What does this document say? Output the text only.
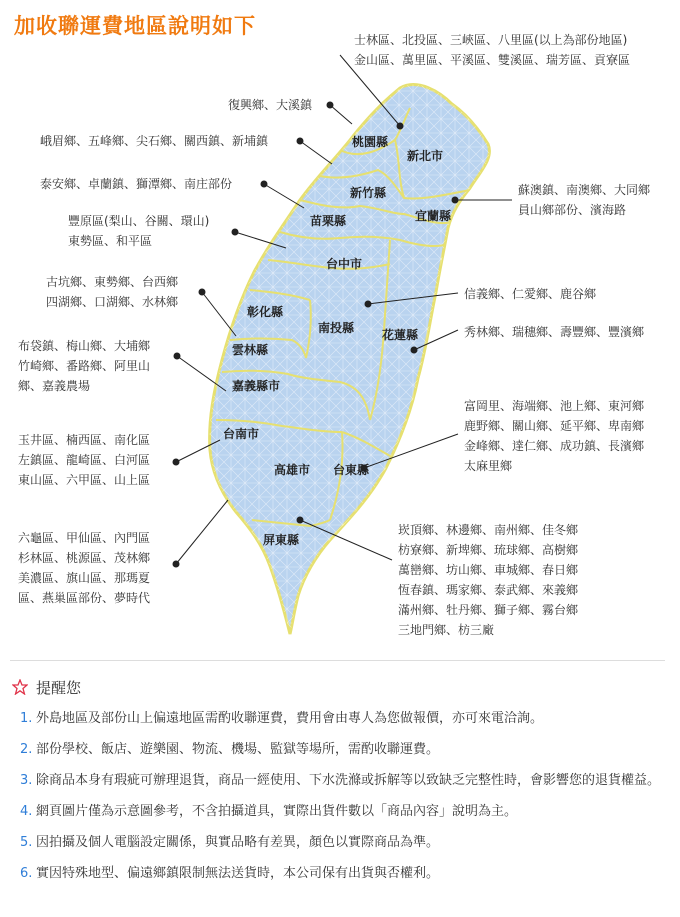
加收聯運費地區說明如下
桃園縣
新北市
新竹縣
苗栗縣	宜蘭縣
台中市
彰化縣
南投縣 花蓮縣
雲林縣
嘉義縣市
台南市
高雄市 台東縣
屏東縣
士林區、北投區、三峽區、八里區(以上為部份地區)
金山區、萬里區、平溪區、雙溪區、瑞芳區、貢寮區
復興鄉、大溪鎮
峨眉鄉、五峰鄉、尖石鄉、關西鎮、新埔鎮
泰安鄉、卓蘭鎮、獅潭鄉、南庄部份
豐原區(梨山、谷關、環山)
東勢區、和平區
古坑鄉、東勢鄉、台西鄉
四湖鄉、口湖鄉、水林鄉
布袋鎮、梅山鄉、大埔鄉
竹崎鄉、番路鄉、阿里山
鄉、嘉義農場
玉井區、楠西區、南化區
左鎮區、龍崎區、白河區
東山區、六甲區、山上區
六龜區、甲仙區、內門區
杉林區、桃源區、茂林鄉
美濃區、旗山區、那瑪夏
區、燕巢區部份、夢時代
蘇澳鎮、南澳鄉、大同鄉
員山鄉部份、濱海路
信義鄉、仁愛鄉、鹿谷鄉
秀林鄉、瑞穗鄉、壽豐鄉、豐濱鄉
富岡里、海端鄉、池上鄉、東河鄉
鹿野鄉、關山鄉、延平鄉、卑南鄉
金峰鄉、達仁鄉、成功鎮、長濱鄉
太麻里鄉
崁頂鄉、林邊鄉、南州鄉、佳冬鄉
枋寮鄉、新埤鄉、琉球鄉、高樹鄉
萬巒鄉、坊山鄉、車城鄉、春日鄉
恆春鎮、瑪家鄉、泰武鄉、來義鄉
滿州鄉、牡丹鄉、獅子鄉、霧台鄉
三地門鄉、枋三廠
提醒您
1. 外島地區及部份山上偏遠地區需酌收聯運費，費用會由專人為您做報價，亦可來電洽詢。
2. 部份學校、飯店、遊樂園、物流、機場、監獄等場所，需酌收聯運費。
3. 除商品本身有瑕疵可辦理退貨，商品一經使用、下水洗滌或拆解等以致缺乏完整性時，會影響您的退貨權益。
4. 網頁圖片僅為示意圖參考，不含拍攝道具，實際出貨件數以「商品內容」說明為主。
5. 因拍攝及個人電腦設定關係，與實品略有差異，顏色以實際商品為準。
6. 實因特殊地型、偏遠鄉鎮限制無法送貨時，本公司保有出貨與否權利。
